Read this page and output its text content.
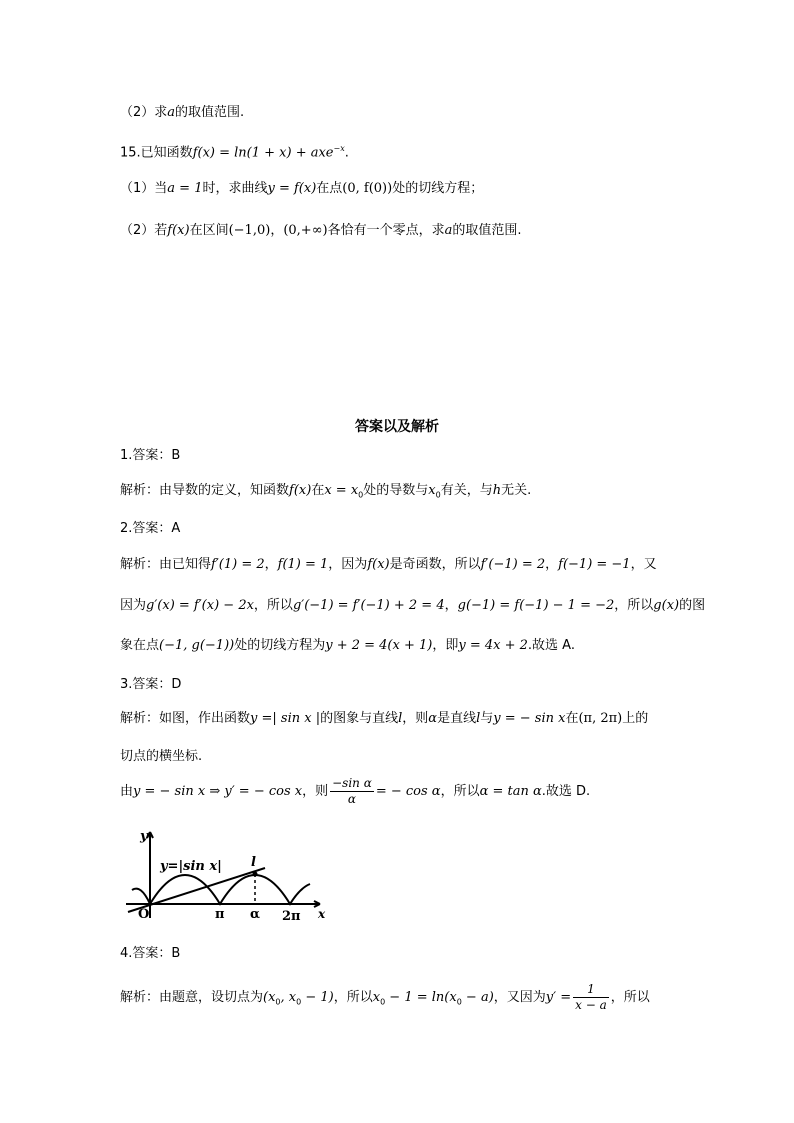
（2）求a的取值范围.
15.已知函数f(x) = ln(1 + x) + axe$^{-x}$.
（1）当a = 1时，求曲线y = f(x)在点(0, f(0))处的切线方程；
（2）若f(x)在区间(−1,0)，(0,+∞)各恰有一个零点，求a的取值范围.
答案以及解析
1.答案：B
解析：由导数的定义，知函数f(x)在$x = x_0$处的导数与$x_0$有关，与h无关.
2.答案：A
解析：由已知得f′(1) = 2，f(1) = 1，因为f(x)是奇函数，所以f′(−1) = 2，f(−1) = −1，又
因为g′(x) = f′(x) − 2x，所以g′(−1) = f′(−1) + 2 = 4，g(−1) = f(−1) − 1 = −2，所以g(x)的图
象在点(−1, g(−1))处的切线方程为y + 2 = 4(x + 1)，即y = 4x + 2.故选 A.
3.答案：D
解析：如图，作出函数y =| sin x |的图象与直线l，则α是直线l与y = − sin x在(π, 2π)上的
切点的横坐标.
由y = − sin x ⇒ y′ = − cos x，则 $\frac{\text{−sin α}}{\alpha}$ = − cos α，所以α = tan α.故选 D.
y
x
O
y=|sin x| l
π α 2π
4.答案：B
解析：由题意，设切点为($x_0$, $x_0 - 1$)，所以$x_0 - 1 = \ln(x_0 - a)$，又因为$y' = \frac{1}{x - a}$ ，所以
